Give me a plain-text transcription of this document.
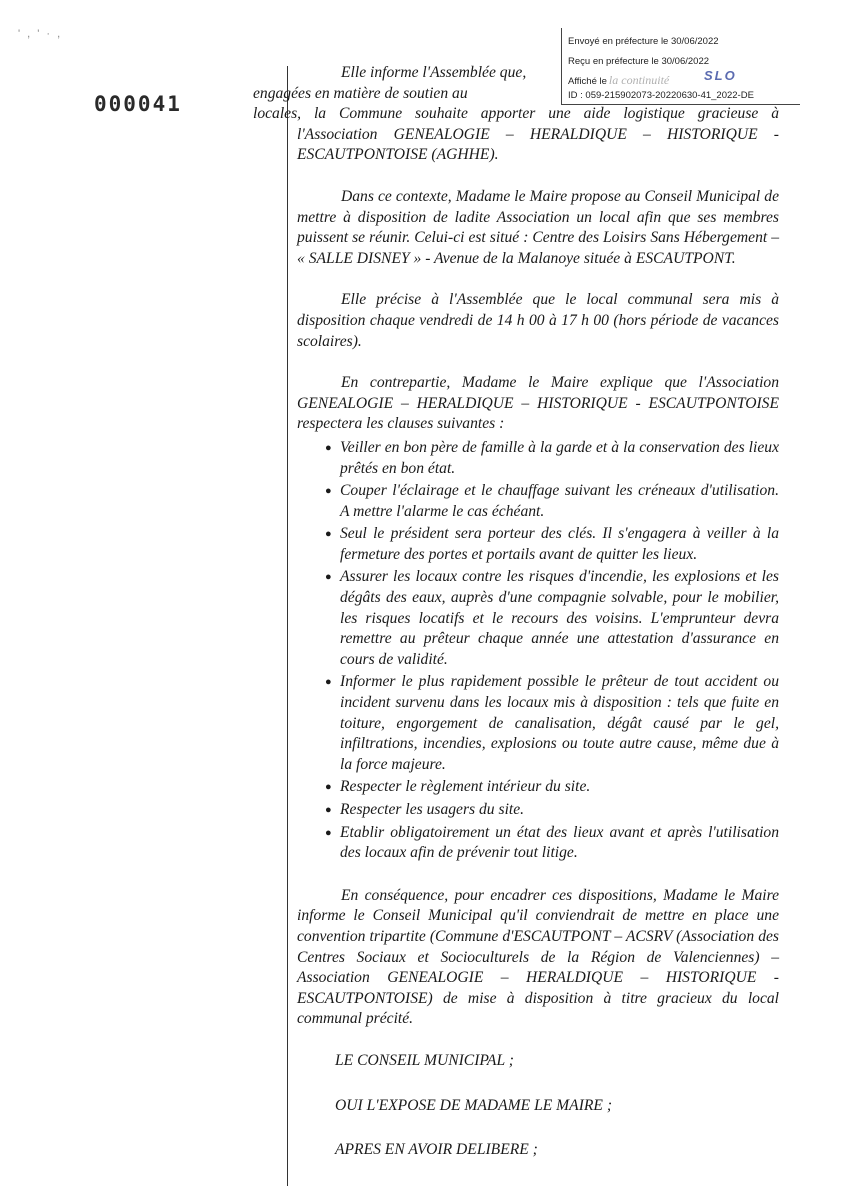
' , ' · ,
000041
Envoyé en préfecture le 30/06/2022
Reçu en préfecture le 30/06/2022
Affiché le la continuité	SLO
ID : 059-215902073-20220630-41_2022-DE

Elle informe l'Assemblée que,
engagées en matière de soutien au
locales, la Commune souhaite apporter une aide logistique gracieuse à l'Association GENEALOGIE – HERALDIQUE – HISTORIQUE - ESCAUTPONTOISE (AGHHE).

Dans ce contexte, Madame le Maire propose au Conseil Municipal de mettre à disposition de ladite Association un local afin que ses membres puissent se réunir. Celui-ci est situé : Centre des Loisirs Sans Hébergement – « SALLE DISNEY » - Avenue de la Malanoye située à ESCAUTPONT.

Elle précise à l'Assemblée que le local communal sera mis à disposition chaque vendredi de 14 h 00 à 17 h 00 (hors période de vacances scolaires).

En contrepartie, Madame le Maire explique que l'Association GENEALOGIE – HERALDIQUE – HISTORIQUE - ESCAUTPONTOISE respectera les clauses suivantes :

● Veiller en bon père de famille à la garde et à la conservation des lieux prêtés en bon état.
● Couper l'éclairage et le chauffage suivant les créneaux d'utilisation. A mettre l'alarme le cas échéant.
● Seul le président sera porteur des clés. Il s'engagera à veiller à la fermeture des portes et portails avant de quitter les lieux.
● Assurer les locaux contre les risques d'incendie, les explosions et les dégâts des eaux, auprès d'une compagnie solvable, pour le mobilier, les risques locatifs et le recours des voisins. L'emprunteur devra remettre au prêteur chaque année une attestation d'assurance en cours de validité.
● Informer le plus rapidement possible le prêteur de tout accident ou incident survenu dans les locaux mis à disposition : tels que fuite en toiture, engorgement de canalisation, dégât causé par le gel, infiltrations, incendies, explosions ou toute autre cause, même due à la force majeure.
● Respecter le règlement intérieur du site.
● Respecter les usagers du site.
● Etablir obligatoirement un état des lieux avant et après l'utilisation des locaux afin de prévenir tout litige.

En conséquence, pour encadrer ces dispositions, Madame le Maire informe le Conseil Municipal qu'il conviendrait de mettre en place une convention tripartite (Commune d'ESCAUTPONT – ACSRV (Association des Centres Sociaux et Socioculturels de la Région de Valenciennes) – Association GENEALOGIE – HERALDIQUE – HISTORIQUE - ESCAUTPONTOISE) de mise à disposition à titre gracieux du local communal précité.

LE CONSEIL MUNICIPAL ;

OUI L'EXPOSE DE MADAME LE MAIRE ;

APRES EN AVOIR DELIBERE ;
